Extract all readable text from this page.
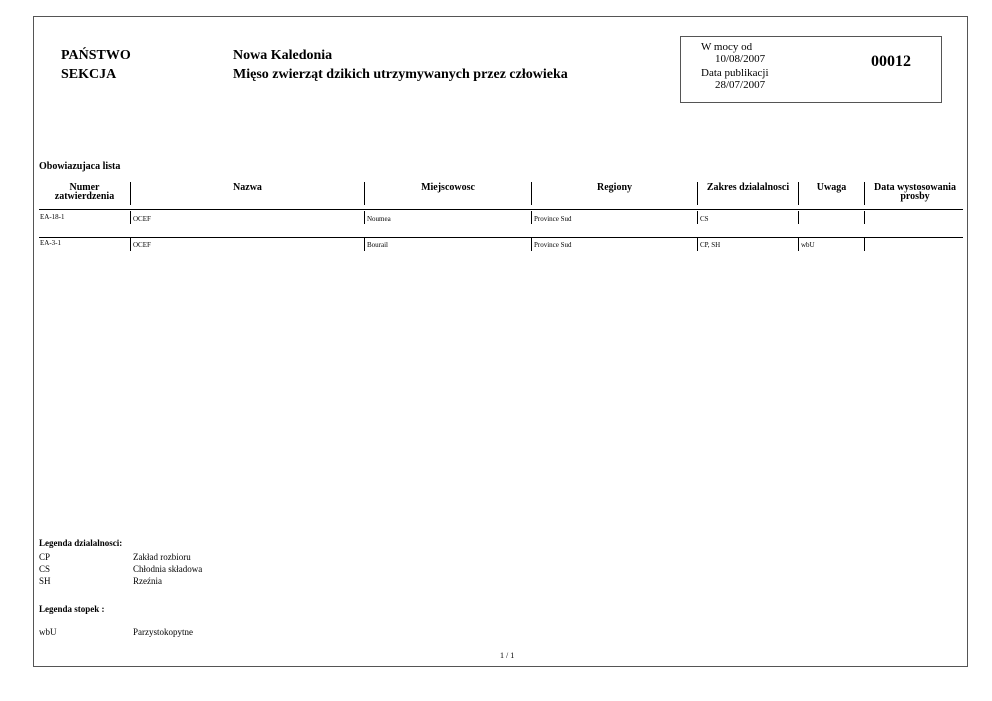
PAŃSTWO
SEKCJA
Nowa Kaledonia
Mięso zwierząt dzikich utrzymywanych przez człowieka
W mocy od
10/08/2007
Data publikacji
28/07/2007
00012
Obowiazujaca lista
Numer
zatwierdzenia
Nazwa	Miejscowosc	Regiony	Zakres dzialalnosci	Uwaga	Data wystosowania
prosby
EA-18-1	OCEF	Noumea	Province Sud	CS
EA-3-1	OCEF	Bourail	Province Sud	CP, SH	wbU
Legenda dzialalnosci:
CP	Zakład rozbioru
CS	Chłodnia składowa
SH	Rzeźnia
Legenda stopek :
wbU	Parzystokopytne
1 / 1
